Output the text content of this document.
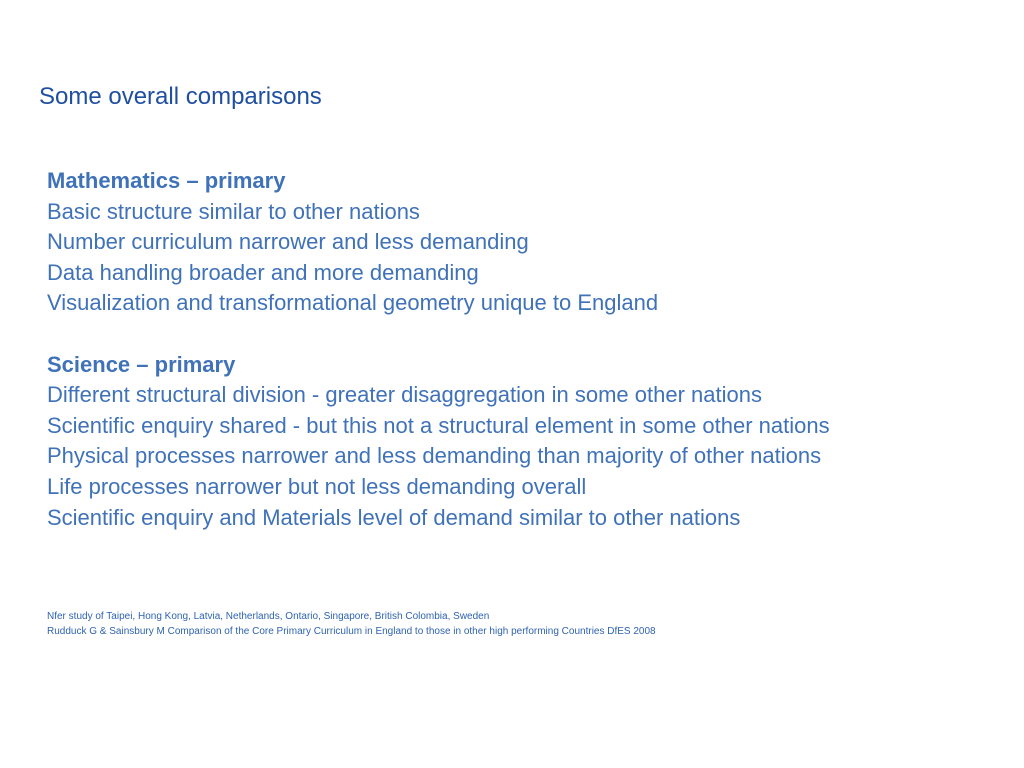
Some overall comparisons
Mathematics – primary
Basic structure similar to other nations
Number curriculum narrower and less demanding
Data handling broader and more demanding
Visualization and transformational geometry unique to England
Science – primary
Different structural division - greater disaggregation in some other nations
Scientific enquiry shared - but this not a structural element in some other nations
Physical processes narrower and less demanding than majority of other nations
Life processes narrower but not less demanding overall
Scientific enquiry and Materials level of demand similar to other nations
Nfer study of Taipei, Hong Kong, Latvia, Netherlands, Ontario, Singapore, British Colombia, Sweden
Rudduck G & Sainsbury M Comparison of the Core Primary Curriculum in England to those in other high performing Countries DfES 2008
